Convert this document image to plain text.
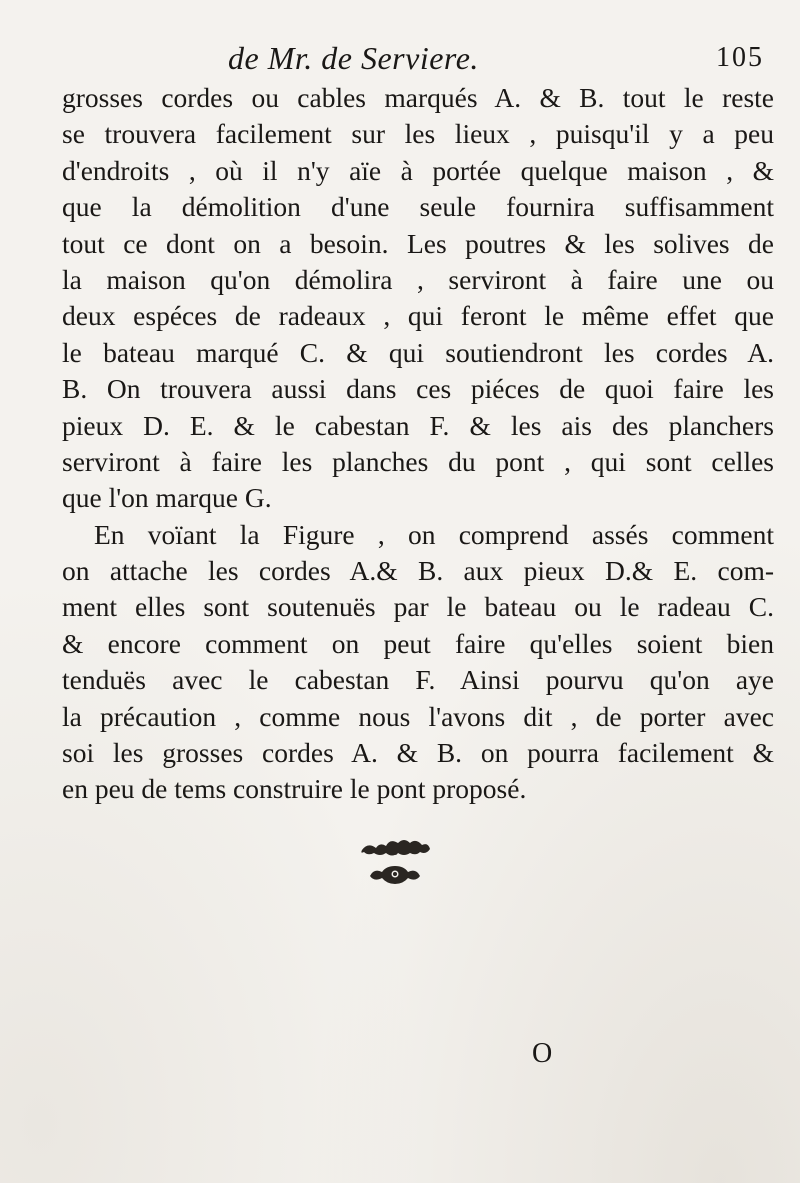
de Mr. de Serviere.	105
grosses cordes ou cables marqués A. & B. tout le reste
se trouvera facilement sur les lieux , puisqu'il y a peu
d'endroits , où il n'y aïe à portée quelque maison , &
que la démolition d'une seule fournira suffisamment
tout ce dont on a besoin. Les poutres & les solives de
la maison qu'on démolira , serviront à faire une ou
deux espéces de radeaux , qui feront le même effet que
le bateau marqué C. & qui soutiendront les cordes A.
B. On trouvera aussi dans ces piéces de quoi faire les
pieux D. E. & le cabestan F. & les ais des planchers
serviront à faire les planches du pont , qui sont celles
que l'on marque G.
En voïant la Figure , on comprend assés comment
on attache les cordes A.& B. aux pieux D.& E. com-
ment elles sont soutenuës par le bateau ou le radeau C.
& encore comment on peut faire qu'elles soient bien
tenduës avec le cabestan F. Ainsi pourvu qu'on aye
la précaution , comme nous l'avons dit , de porter avec
soi les grosses cordes A. & B. on pourra facilement &
en peu de tems construire le pont proposé.
O
